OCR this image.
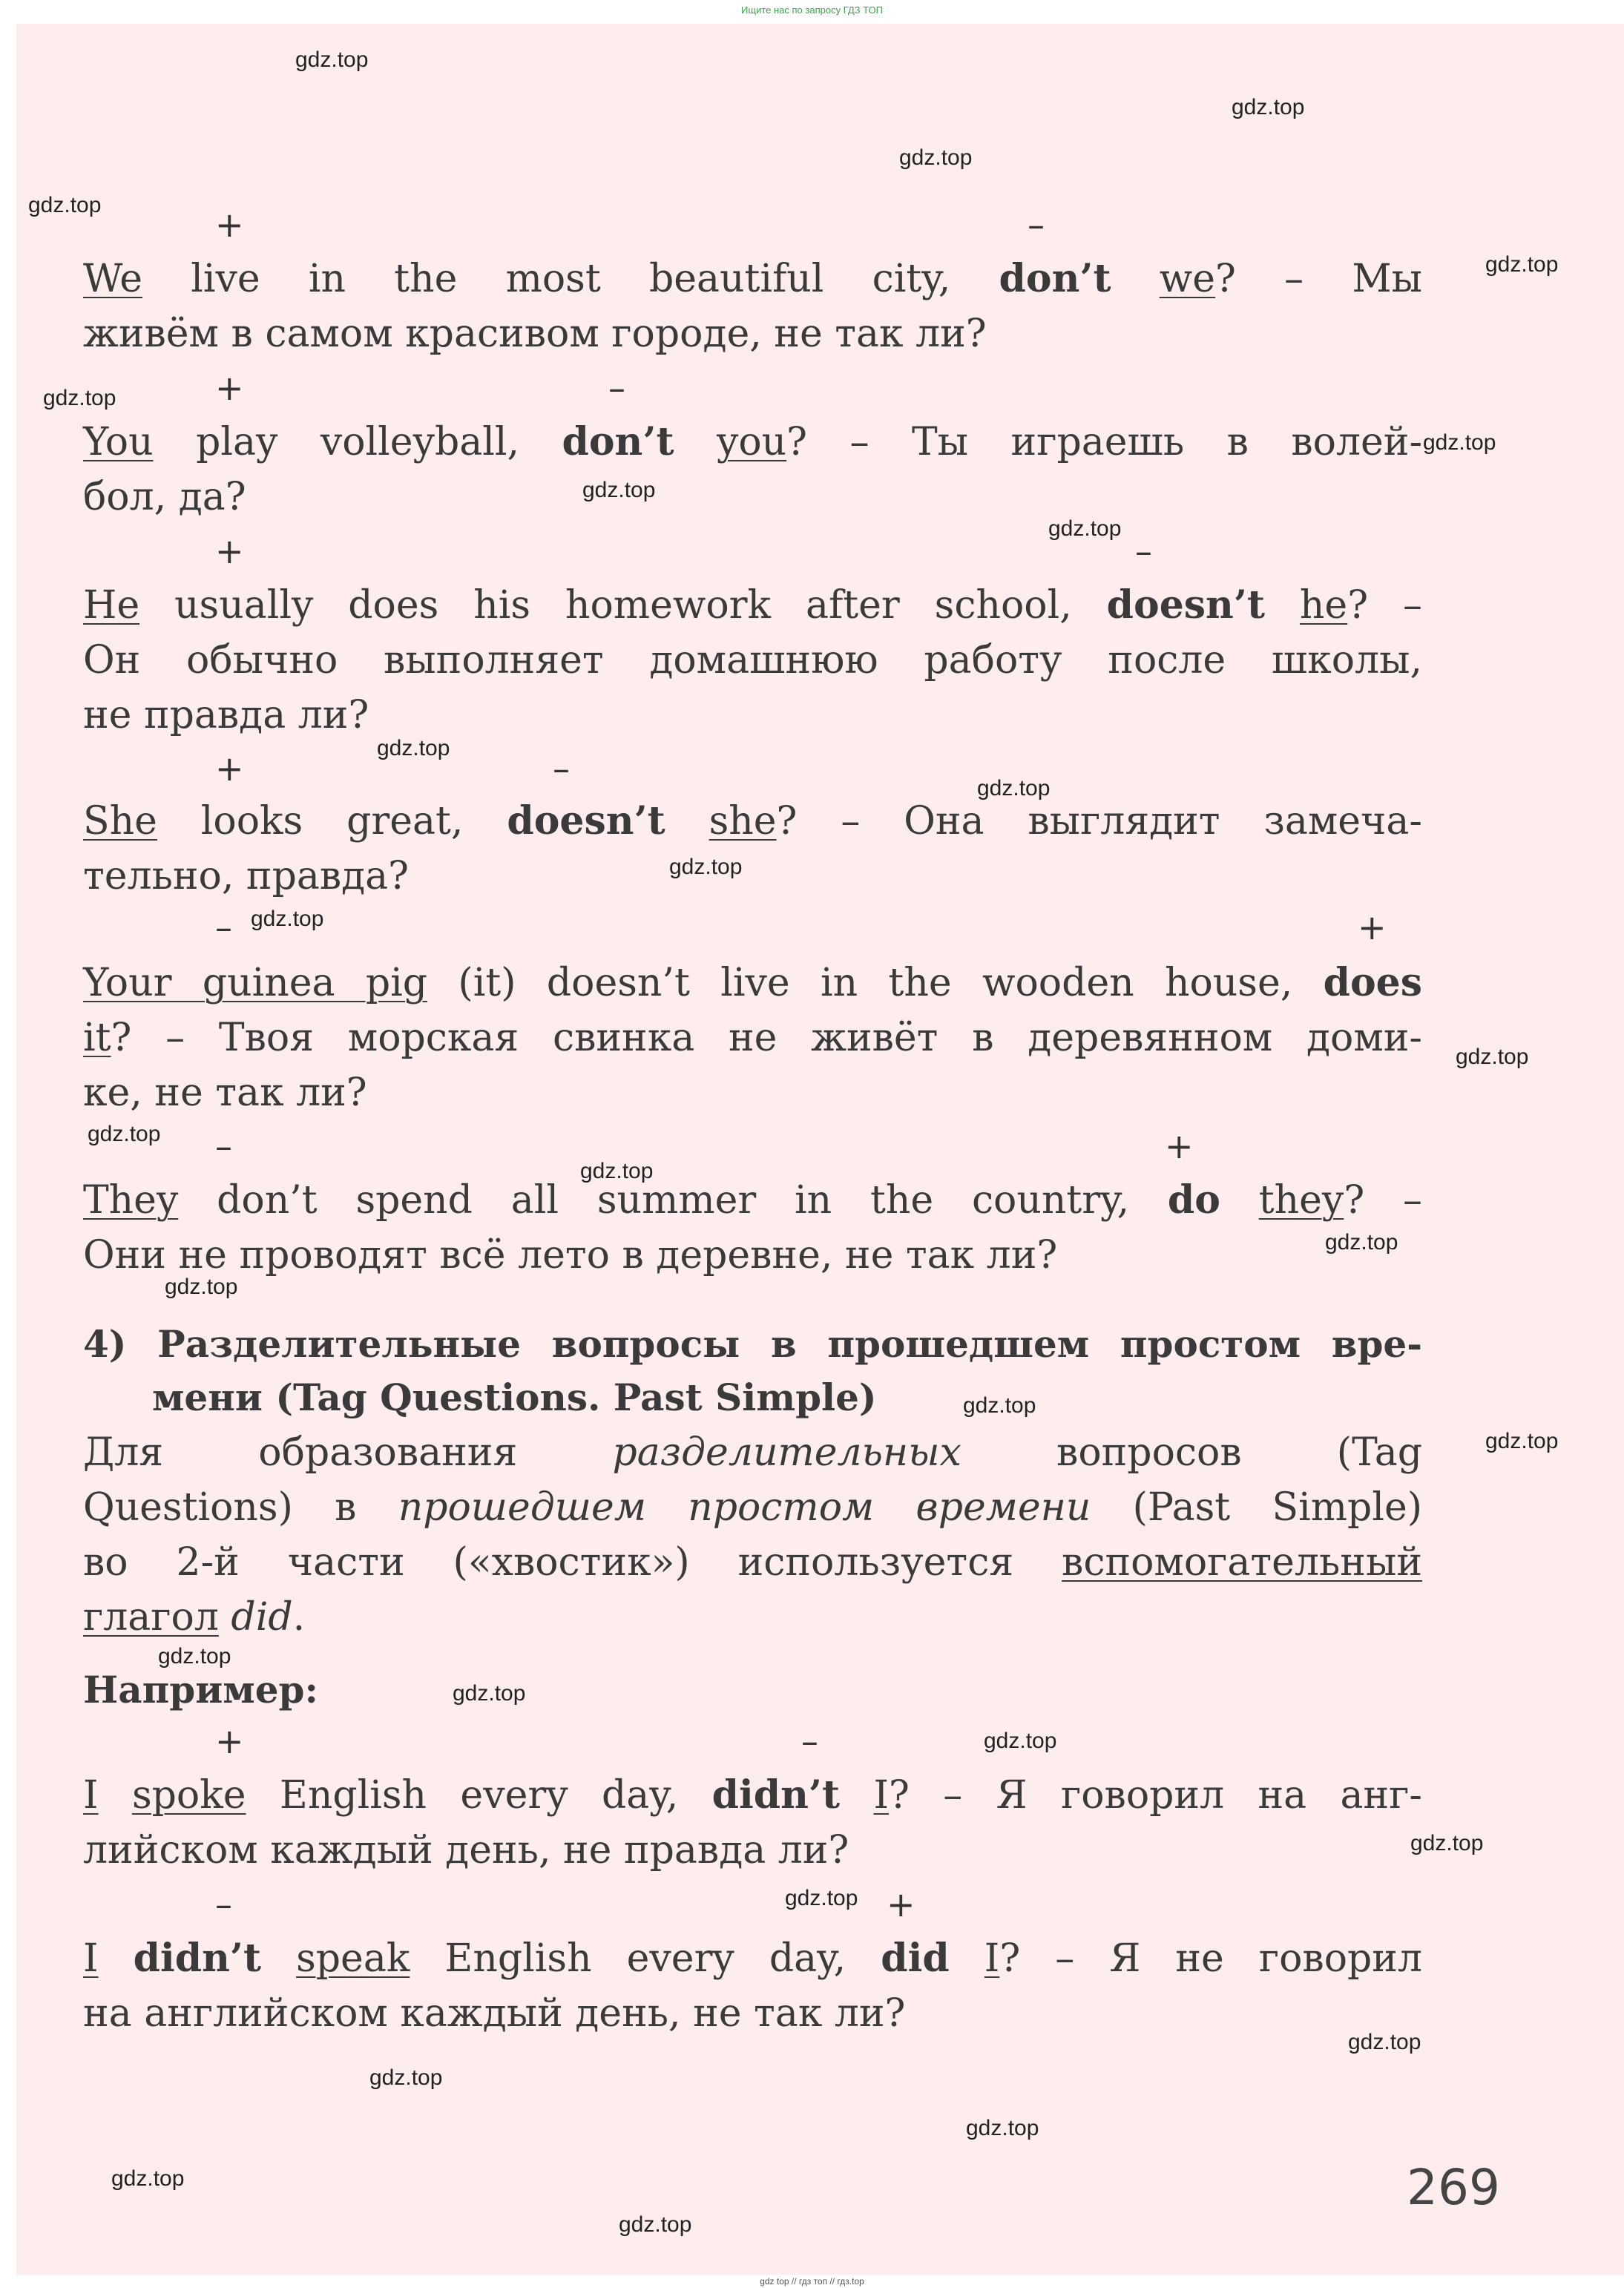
Ищите нас по запросу ГДЗ ТОП
+	–
We live in the most beautiful city, don’t we? – Мы
живём в самом красивом городе, не так ли?
+	–
You play volleyball, don’t you? – Ты играешь в волей-
бол, да?
+	–
He usually does his homework after school, doesn’t he? –
Он обычно выполняет домашнюю работу после школы,
не правда ли?
+	–
She looks great, doesn’t she? – Она выглядит замеча-
тельно, правда?
–	+
Your guinea pig (it) doesn’t live in the wooden house, does
it? – Твоя морская свинка не живёт в деревянном доми-
ке, не так ли?
–	+
They don’t spend all summer in the country, do they? –
Они не проводят всё лето в деревне, не так ли?
4) Разделительные вопросы в прошедшем простом вре-
мени (Tag Questions. Past Simple)
Для образования разделительных вопросов (Tag
Questions) в прошедшем простом времени (Past Simple)
во 2-й части («хвостик») используется вспомогательный
глагол did.
Например:
+	–
I spoke English every day, didn’t I? – Я говорил на анг-
лийском каждый день, не правда ли?
–	+
I didn’t speak English every day, did I? – Я не говорил
на английском каждый день, не так ли?
269
gdz.top
gdz.top
gdz.top
gdz.top
gdz.top
gdz.top
gdz.top
gdz.top
gdz.top
gdz.top
gdz.top
gdz.top
gdz.top
gdz.top
gdz.top
gdz.top
gdz.top
gdz.top
gdz.top
gdz.top
gdz.top
gdz.top
gdz.top
gdz.top
gdz.top
gdz.top
gdz.top
gdz.top
gdz.top
gdz.top
gdz top // гдз топ // гдз.top
